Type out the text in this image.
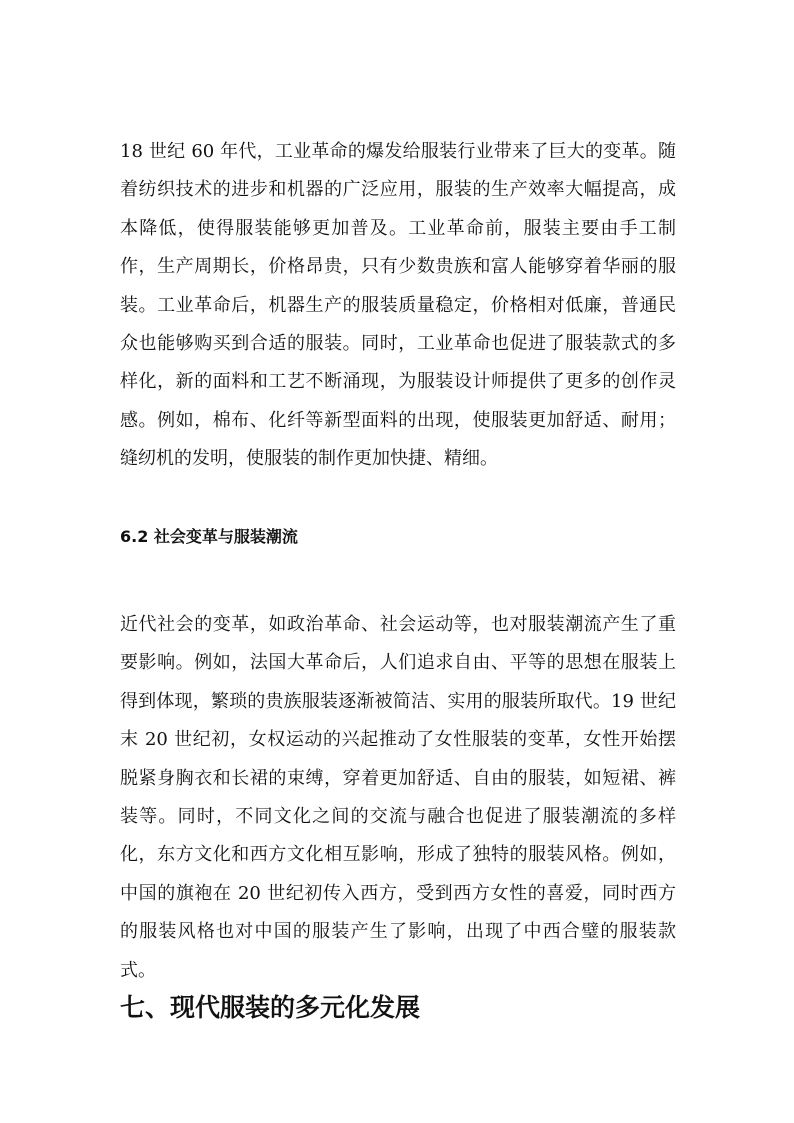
18 世纪 60 年代，工业革命的爆发给服装行业带来了巨大的变革。随着纺织技术的进步和机器的广泛应用，服装的生产效率大幅提高，成本降低，使得服装能够更加普及。工业革命前，服装主要由手工制作，生产周期长，价格昂贵，只有少数贵族和富人能够穿着华丽的服装。工业革命后，机器生产的服装质量稳定，价格相对低廉，普通民众也能够购买到合适的服装。同时，工业革命也促进了服装款式的多样化，新的面料和工艺不断涌现，为服装设计师提供了更多的创作灵感。例如，棉布、化纤等新型面料的出现，使服装更加舒适、耐用；缝纫机的发明，使服装的制作更加快捷、精细。

6.2 社会变革与服装潮流

近代社会的变革，如政治革命、社会运动等，也对服装潮流产生了重要影响。例如，法国大革命后，人们追求自由、平等的思想在服装上得到体现，繁琐的贵族服装逐渐被简洁、实用的服装所取代。19 世纪末 20 世纪初，女权运动的兴起推动了女性服装的变革，女性开始摆脱紧身胸衣和长裙的束缚，穿着更加舒适、自由的服装，如短裙、裤装等。同时，不同文化之间的交流与融合也促进了服装潮流的多样化，东方文化和西方文化相互影响，形成了独特的服装风格。例如，中国的旗袍在 20 世纪初传入西方，受到西方女性的喜爱，同时西方的服装风格也对中国的服装产生了影响，出现了中西合璧的服装款式。

七、现代服装的多元化发展
